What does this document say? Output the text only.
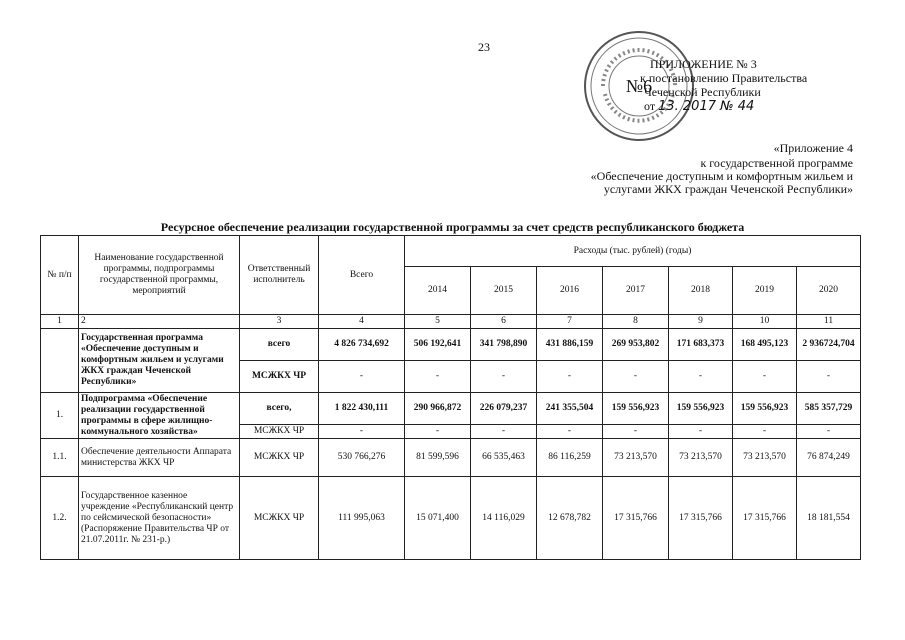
23
№6
ПРИЛОЖЕНИЕ № 3
к постановлению Правительства
Чеченской Республики
от 13. 2017 № 44
«Приложение 4
к государственной программе
«Обеспечение доступным и комфортным жильем и
услугами ЖКХ граждан Чеченской Республики»
Ресурсное обеспечение реализации государственной программы за счет средств республиканского бюджета
№ п/п	Наименование государственной программы, подпрограммы государственной программы, мероприятий	Ответственный исполнитель	Всего	Расходы (тыс. рублей) (годы)						
				2014	2015	2016	2017	2018	2019	2020
1	2	3	4	5	6	7	8	9	10	11
	Государственная программа «Обеспечение доступным и комфортным жильем и услугами ЖКХ граждан Чеченской Республики»	всего	4 826 734,692	506 192,641	341 798,890	431 886,159	269 953,802	171 683,373	168 495,123	2 936724,704
		МСЖКХ ЧР	-	-	-	-	-	-	-	-
1.	Подпрограмма «Обеспечение реализации государственной программы в сфере жилищно-коммунального хозяйства»	всего,	1 822 430,111	290 966,872	226 079,237	241 355,504	159 556,923	159 556,923	159 556,923	585 357,729
		МСЖКХ ЧР	-	-	-	-	-	-	-	-
1.1.	Обеспечение деятельности Аппарата министерства ЖКХ ЧР	МСЖКХ ЧР	530 766,276	81 599,596	66 535,463	86 116,259	73 213,570	73 213,570	73 213,570	76 874,249
1.2.	Государственное казенное учреждение «Республиканский центр по сейсмической безопасности» (Распоряжение Правительства ЧР от 21.07.2011г. № 231-р.)	МСЖКХ ЧР	111 995,063	15 071,400	14 116,029	12 678,782	17 315,766	17 315,766	17 315,766	18 181,554
